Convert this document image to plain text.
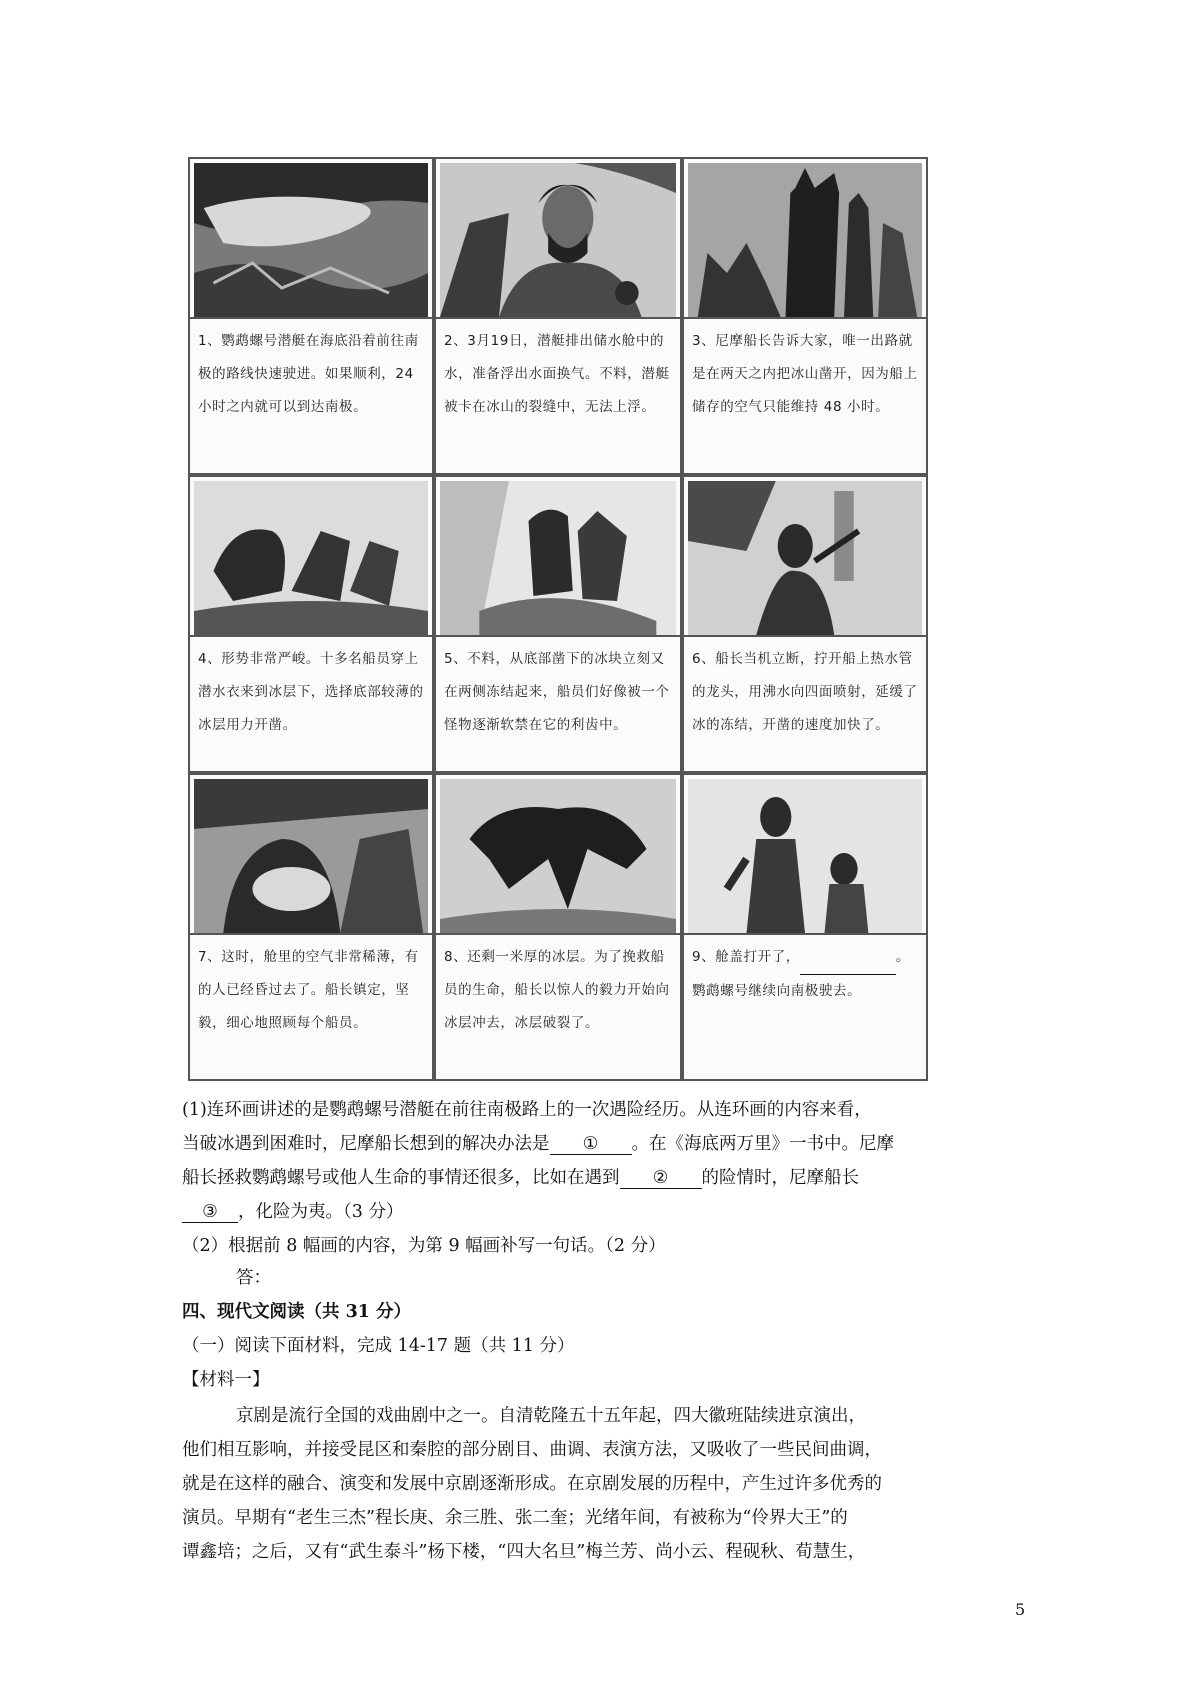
1、鹦鹉螺号潜艇在海底沿着前往南极的路线快速驶进。如果顺利，24 小时之内就可以到达南极。
2、3月19日，潜艇排出储水舱中的水，准备浮出水面换气。不料，潜艇被卡在冰山的裂缝中，无法上浮。
3、尼摩船长告诉大家，唯一出路就是在两天之内把冰山凿开，因为船上储存的空气只能维持 48 小时。
4、形势非常严峻。十多名船员穿上潜水衣来到冰层下，选择底部较薄的冰层用力开凿。
5、不料，从底部凿下的冰块立刻又在两侧冻结起来，船员们好像被一个怪物逐渐软禁在它的利齿中。
6、船长当机立断，拧开船上热水管的龙头，用沸水向四面喷射，延缓了冰的冻结，开凿的速度加快了。
7、这时，舱里的空气非常稀薄，有的人已经昏过去了。船长镇定，坚毅，细心地照顾每个船员。
8、还剩一米厚的冰层。为了挽救船员的生命，船长以惊人的毅力开始向冰层冲去，冰层破裂了。
9、舱盖打开了，	。鹦鹉螺号继续向南极驶去。
(1)连环画讲述的是鹦鹉螺号潜艇在前往南极路上的一次遇险经历。从连环画的内容来看，
当破冰遇到困难时，尼摩船长想到的解决办法是 ① 。在《海底两万里》一书中。尼摩
船长拯救鹦鹉螺号或他人生命的事情还很多，比如在遇到 ② 的险情时，尼摩船长
③ ，化险为夷。（3 分）
（2）根据前 8 幅画的内容，为第 9 幅画补写一句话。（2 分）
答：
四、现代文阅读（共 31 分）
（一）阅读下面材料，完成 14-17 题（共 11 分）
【材料一】
京剧是流行全国的戏曲剧中之一。自清乾隆五十五年起，四大徽班陆续进京演出，
他们相互影响，并接受昆区和秦腔的部分剧目、曲调、表演方法，又吸收了一些民间曲调，
就是在这样的融合、演变和发展中京剧逐渐形成。在京剧发展的历程中，产生过许多优秀的
演员。早期有“老生三杰”程长庚、余三胜、张二奎；光绪年间，有被称为“伶界大王”的
谭鑫培；之后，又有“武生泰斗”杨下楼，“四大名旦”梅兰芳、尚小云、程砚秋、荀慧生，
5
